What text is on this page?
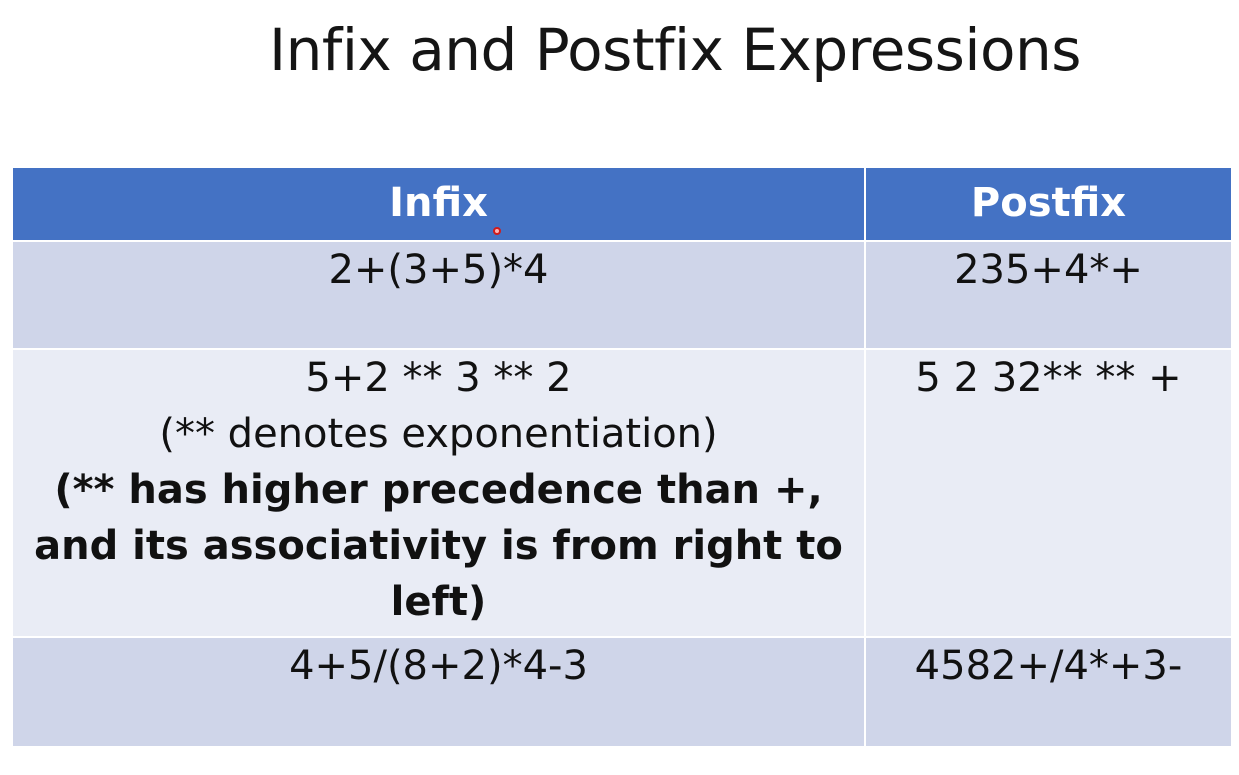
Infix and Postfix Expressions
Infix	Postfix

2+(3+5)*4	235+4*+

5+2 ** 3 ** 2
(** denotes exponentiation)
(** has higher precedence than +,
and its associativity is from right to
left)	5 2 32** ** +

4+5/(8+2)*4-3	4582+/4*+3-
